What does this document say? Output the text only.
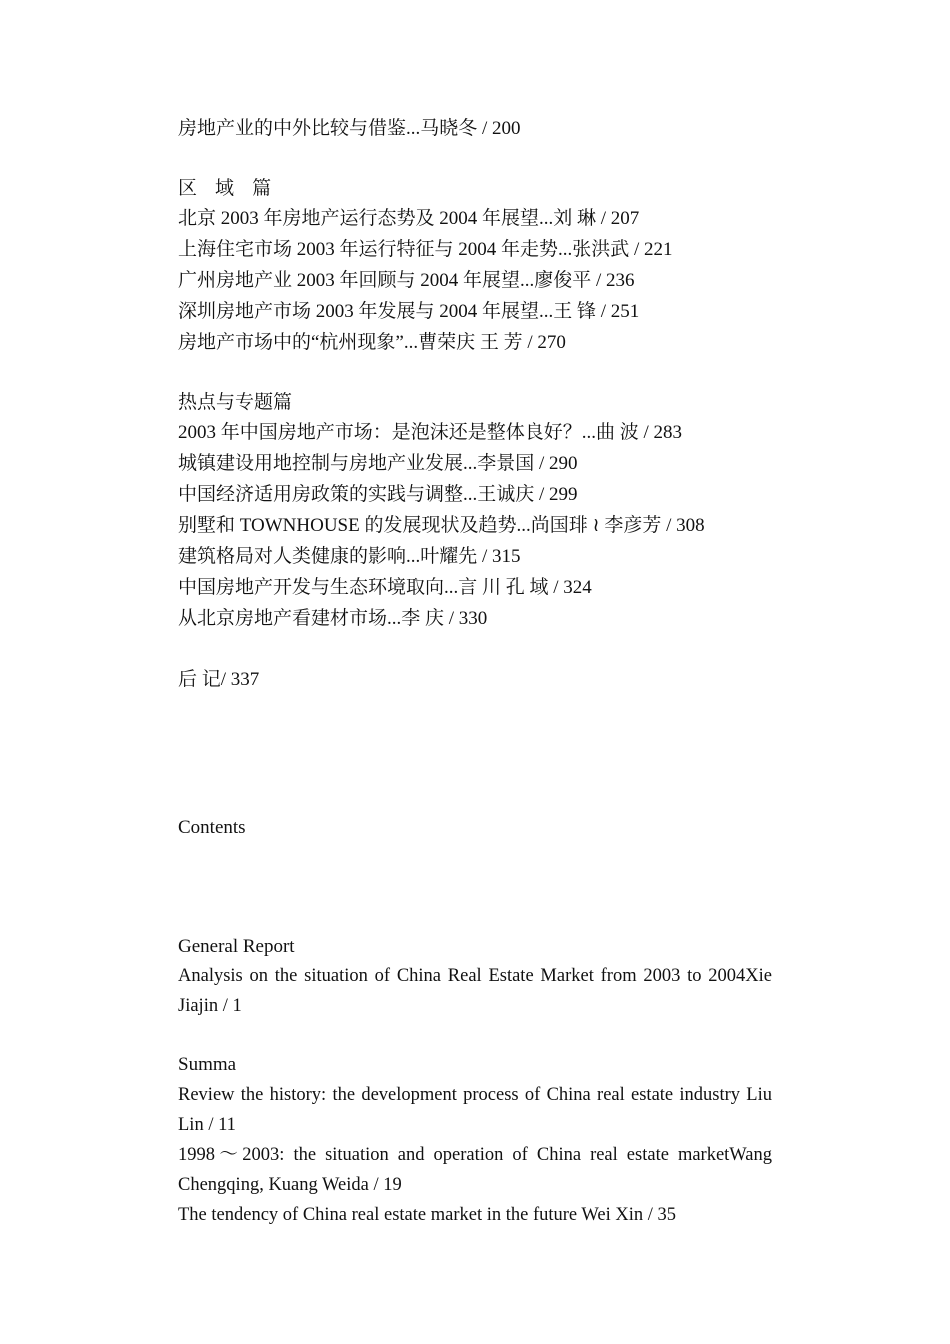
房地产业的中外比较与借鉴...马晓冬 / 200
区 域 篇
北京 2003 年房地产运行态势及 2004 年展望...刘 琳 / 207
上海住宅市场 2003 年运行特征与 2004 年走势...张洪武 / 221
广州房地产业 2003 年回顾与 2004 年展望...廖俊平 / 236
深圳房地产市场 2003 年发展与 2004 年展望...王 锋 / 251
房地产市场中的“杭州现象”...曹荣庆 王 芳 / 270
热点与专题篇
2003 年中国房地产市场：是泡沫还是整体良好？...曲 波 / 283
城镇建设用地控制与房地产业发展...李景国 / 290
中国经济适用房政策的实践与调整...王诚庆 / 299
别墅和 TOWNHOUSE 的发展现状及趋势...尚国琲 ≀ 李彦芳 / 308
建筑格局对人类健康的影响...叶耀先 / 315
中国房地产开发与生态环境取向...言 川 孔 域 / 324
从北京房地产看建材市场...李 庆 / 330
后 记/ 337
Contents
General Report
Analysis on the situation of China Real Estate Market from 2003 to 2004Xie Jiajin / 1
Summa
Review the history: the development process of China real estate industry Liu Lin / 11
1998～2003: the situation and operation of China real estate marketWang Chengqing, Kuang Weida / 19
The tendency of China real estate market in the future Wei Xin / 35
